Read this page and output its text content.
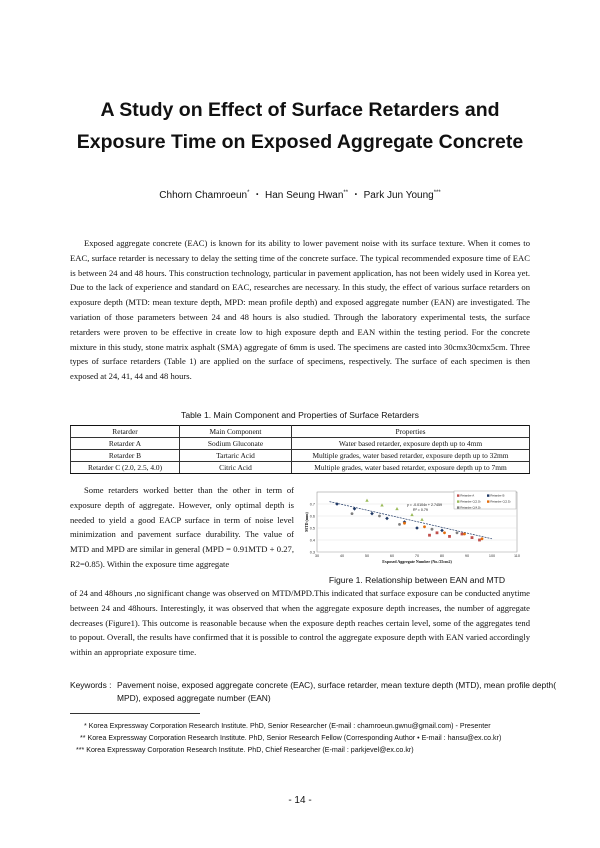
A Study on Effect of Surface Retarders and
Exposure Time on Exposed Aggregate Concrete
Chhorn Chamroeun* ・ Han Seung Hwan** ・ Park Jun Young***
Exposed aggregate concrete (EAC) is known for its ability to lower pavement noise with its surface texture. When it comes to EAC, surface retarder is necessary to delay the setting time of the concrete surface. The typical recommended exposure time of EAC is between 24 and 48 hours. This construction technology, particular in pavement application, has not been widely used in Korea yet. Due to the lack of experience and standard on EAC, researches are necessary. In this study, the effect of various surface retarders on exposure depth (MTD: mean texture depth, MPD: mean profile depth) and exposed aggregate number (EAN) are investigated. The variation of those parameters between 24 and 48 hours is also studied. Through the laboratory experimental tests, the surface retarders were proven to be effective in create low to high exposure depth and EAN within the testing period. For the concrete mixture in this study, stone matrix asphalt (SMA) aggregate of 6mm is used. The specimens are casted into 30cmx30cmx5cm. Three types of surface retarders (Table 1) are applied on the surface of specimens, respectively. The surface of each specimen is then exposed at 24, 41, 44 and 48 hours.
Table 1. Main Component and Properties of Surface Retarders
Retarder	Main Component	Properties
Retarder A	Sodium Gluconate	Water based retarder, exposure depth up to 4mm
Retarder B	Tartaric Acid	Multiple grades, water based retarder, exposure depth up to 32mm
Retarder C (2.0, 2.5, 4.0)	Citric Acid	Multiple grades, water based retarder, exposure depth up to 7mm
Some retarders worked better than the other in term of exposure depth of aggregate. However, only optimal depth is needed to yield a good EACP surface in term of noise level minimization and pavement surface durability. The value of MTD and MPD are similar in general (MPD = 0.91MTD + 0.27, R2=0.85). Within the exposure time aggregate
0.7
0.6
0.5
0.4
0.3
30	40	50	60	70	80	90	100	110
Exposed Aggregate Number (No./25cm2)
MTD (mm)
y = -0.0104x + 2.7459
R² = 0.79
Retarder A	Retarder B
Retarder C(2.0)	Retarder C(2.5)
Retarder C(4.0)
Figure 1. Relationship between EAN and MTD
of 24 and 48hours ,no significant change was observed on MTD/MPD.This indicated that surface exposure can be conducted anytime between 24 and 48hours. Interestingly, it was observed that when the aggregate exposure depth increases, the number of aggregate decreases (Figure1). This outcome is reasonable because when the exposure depth reaches certain level, some of the aggregates tend to popout. Overall, the results have confirmed that it is possible to control the aggregate exposure depth with EAN varied accordingly within an appropriate exposure time.
Keywords : Pavement noise, exposed aggregate concrete (EAC), surface retarder, mean texture depth (MTD), mean profile depth( MPD), exposed aggregate number (EAN)
* Korea Expressway Corporation Research Institute. PhD, Senior Researcher (E-mail : chamroeun.gwnu@gmail.com) - Presenter
** Korea Expressway Corporation Research Institute. PhD, Senior Research Fellow (Corresponding Author • E-mail : hansu@ex.co.kr)
*** Korea Expressway Corporation Research Institute. PhD, Chief Researcher (E-mail : parkjevel@ex.co.kr)
- 14 -
